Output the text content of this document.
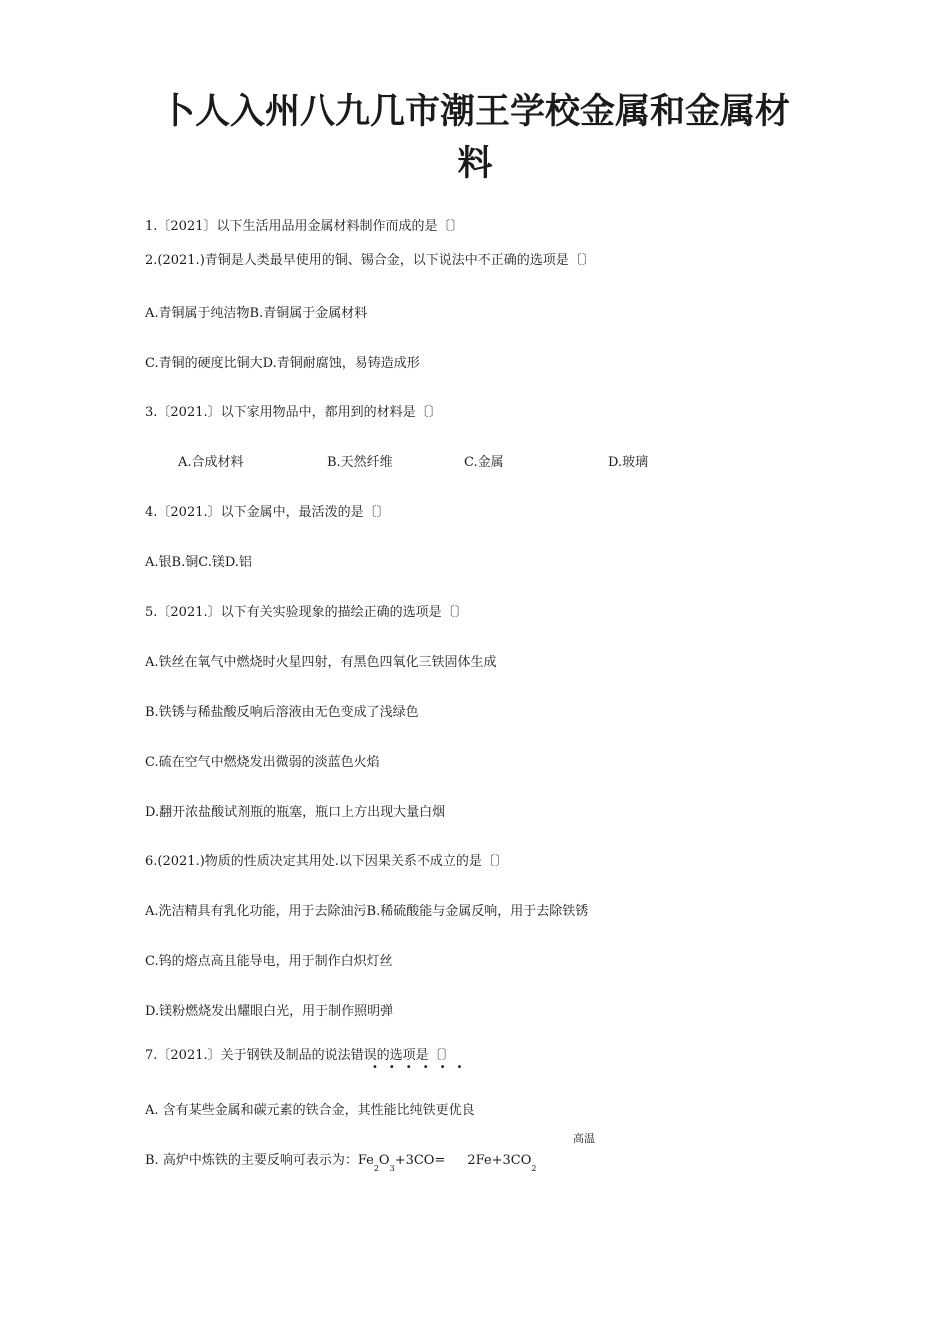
卜人入州八九几市潮王学校金属和金属材
料
1.〔2021〕以下生活用品用金属材料制作而成的是〔〕
2.(2021.)青铜是人类最早使用的铜、锡合金，以下说法中不正确的选项是〔〕
A.青铜属于纯洁物B.青铜属于金属材料
C.青铜的硬度比铜大D.青铜耐腐蚀，易铸造成形
3.〔2021.〕以下家用物品中，都用到的材料是〔〕
A.合成材料	B.天然纤维	C.金属	D.玻璃
4.〔2021.〕以下金属中，最活泼的是〔〕
A.银B.铜C.镁D.铝
5.〔2021.〕以下有关实验现象的描绘正确的选项是〔〕
A.铁丝在氧气中燃烧时火星四射，有黑色四氧化三铁固体生成
B.铁锈与稀盐酸反响后溶液由无色变成了浅绿色
C.硫在空气中燃烧发出微弱的淡蓝色火焰
D.翻开浓盐酸试剂瓶的瓶塞，瓶口上方出现大量白烟
6.(2021.)物质的性质决定其用处.以下因果关系不成立的是〔〕
A.洗洁精具有乳化功能，用于去除油污B.稀硫酸能与金属反响，用于去除铁锈
C.钨的熔点高且能导电，用于制作白炽灯丝
D.镁粉燃烧发出耀眼白光，用于制作照明弹
7.〔2021.〕关于钢铁及制品的说法错误的选项是〔〕
••••••
A. 含有某些金属和碳元素的铁合金，其性能比纯铁更优良
高温
B. 高炉中炼铁的主要反响可表示为：$Fe_2O_3+3CO= 2Fe+3CO_2$
